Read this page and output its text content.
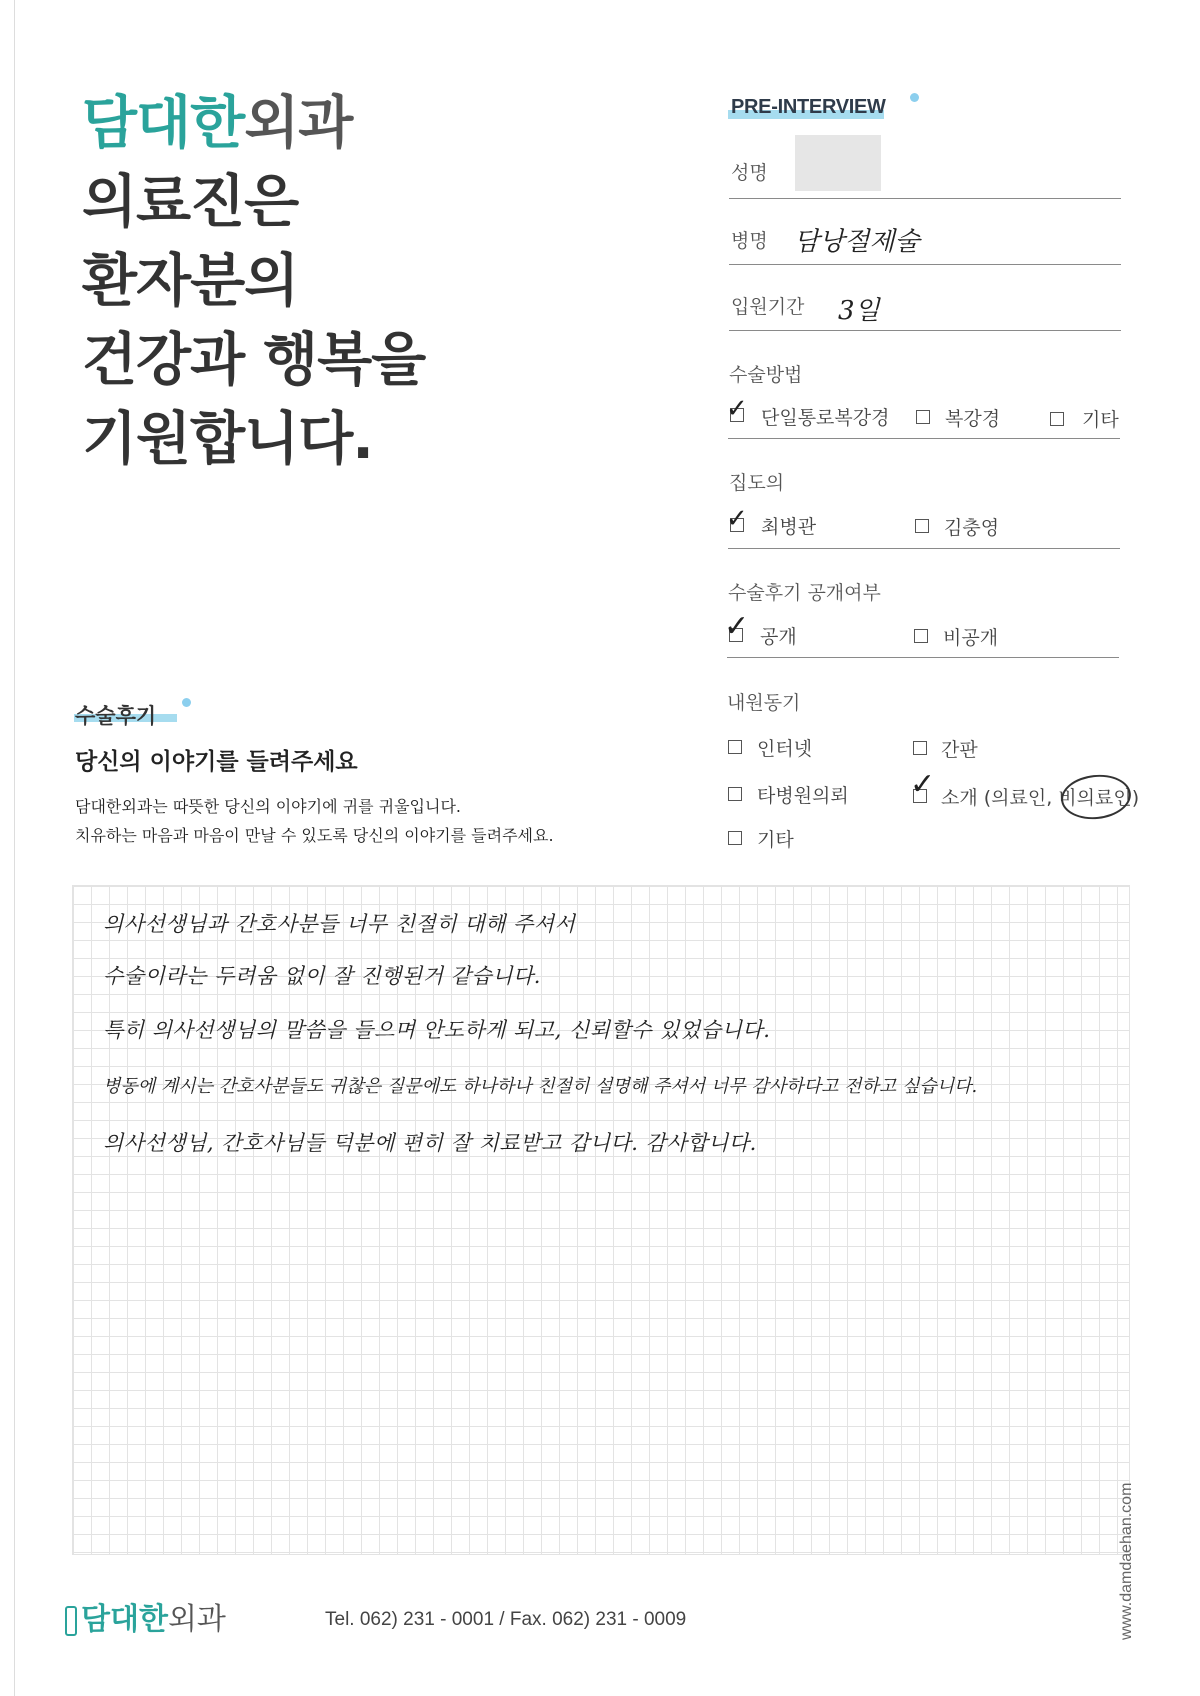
담대한외과
의료진은
환자분의
건강과 행복을
기원합니다.
PRE-INTERVIEW
성명
병명 담낭절제술
입원기간 3일
수술방법
✓ 단일통로복강경	복강경	기타
집도의
✓ 최병관	김충영
수술후기 공개여부
✓ 공개	비공개
내원동기
인터넷	간판
타병원의뢰 ✓ 소개 (의료인, 비의료인)
기타
수술후기
당신의 이야기를 들려주세요
담대한외과는 따뜻한 당신의 이야기에 귀를 귀울입니다.
치유하는 마음과 마음이 만날 수 있도록 당신의 이야기를 들려주세요.
의사선생님과 간호사분들 너무 친절히 대해 주셔서
수술이라는 두려움 없이 잘 진행된거 같습니다.
특히 의사선생님의 말씀을 들으며 안도하게 되고, 신뢰할수 있었습니다.
병동에 계시는 간호사분들도 귀찮은 질문에도 하나하나 친절히 설명해 주셔서 너무 감사하다고 전하고 싶습니다.
의사선생님, 간호사님들 덕분에 편히 잘 치료받고 갑니다. 감사합니다.
담대한외과	Tel. 062) 231 - 0001 / Fax. 062) 231 - 0009	www.damdaehan.com
